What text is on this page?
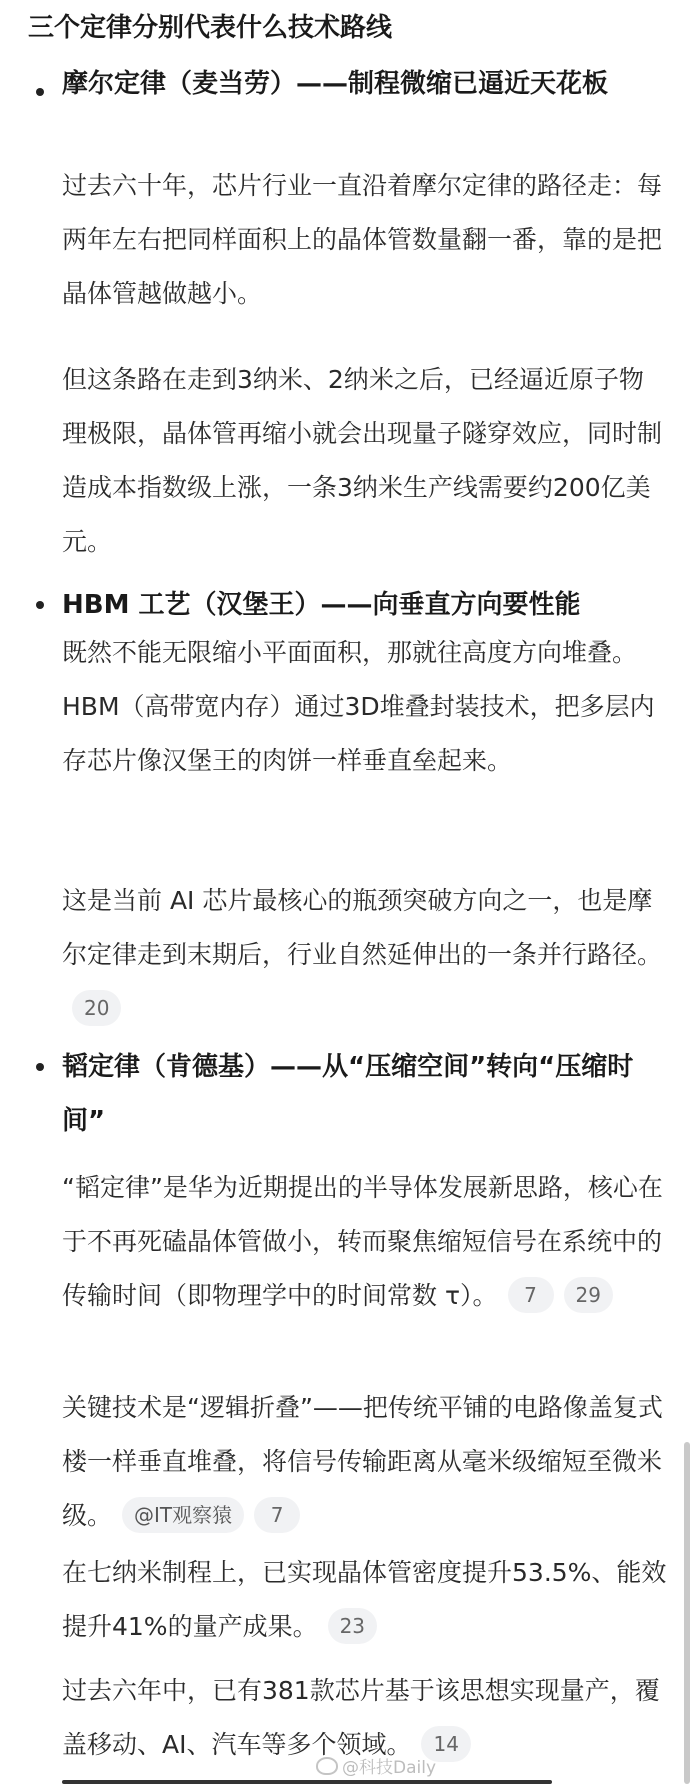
三个定律分别代表什么技术路线
摩尔定律（麦当劳）——制程微缩已逼近天花板
过去六十年，芯片行业一直沿着摩尔定律的路径走：每两年左右把同样面积上的晶体管数量翻一番，靠的是把晶体管越做越小。
但这条路在走到3纳米、2纳米之后，已经逼近原子物理极限，晶体管再缩小就会出现量子隧穿效应，同时制造成本指数级上涨，一条3纳米生产线需要约200亿美元。
HBM 工艺（汉堡王）——向垂直方向要性能
既然不能无限缩小平面面积，那就往高度方向堆叠。HBM（高带宽内存）通过3D堆叠封装技术，把多层内存芯片像汉堡王的肉饼一样垂直垒起来。
这是当前 AI 芯片最核心的瓶颈突破方向之一，也是摩尔定律走到末期后，行业自然延伸出的一条并行路径。20
韬定律（肯德基）——从“压缩空间”转向“压缩时间”
“韬定律”是华为近期提出的半导体发展新思路，核心在于不再死磕晶体管做小，转而聚焦缩短信号在系统中的传输时间（即物理学中的时间常数 τ）。 7 29
关键技术是“逻辑折叠”——把传统平铺的电路像盖复式楼一样垂直堆叠，将信号传输距离从毫米级缩短至微米级。 @IT观察猿 7
在七纳米制程上，已实现晶体管密度提升53.5%、能效提升41%的量产成果。 23
过去六年中，已有381款芯片基于该思想实现量产，覆盖移动、AI、汽车等多个领域。 14
@科技Daily
